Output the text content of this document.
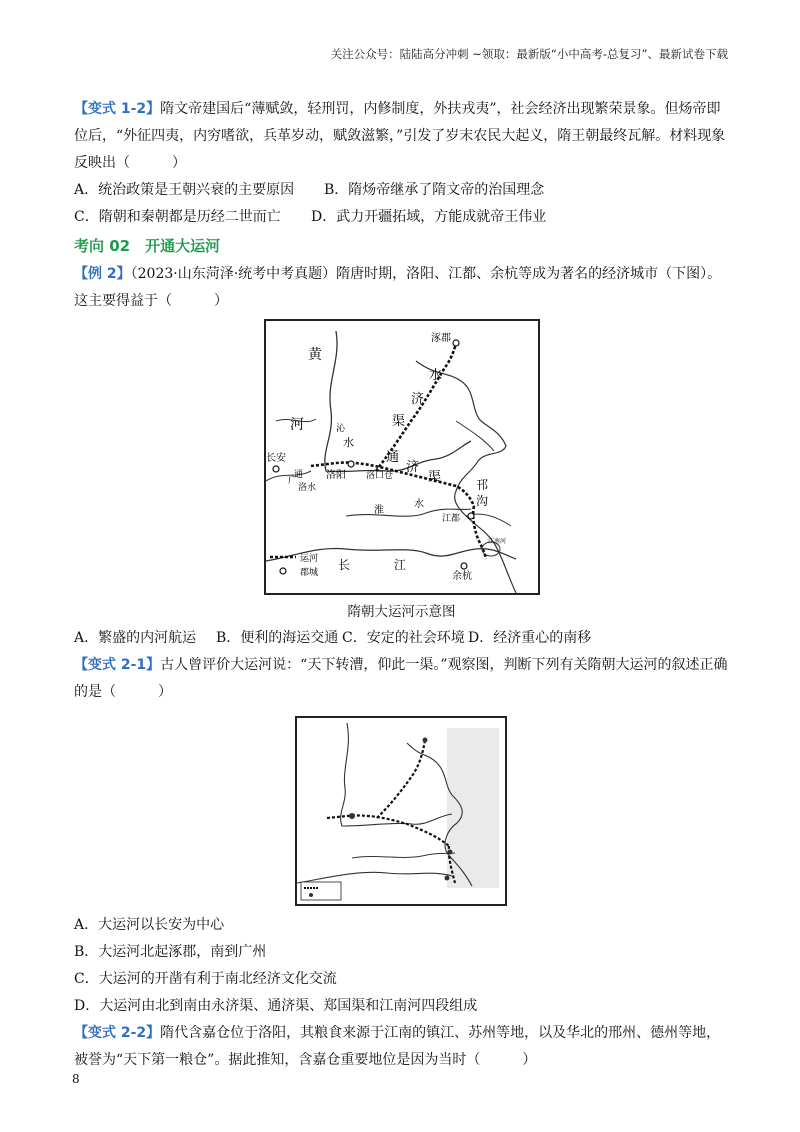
关注公众号：陆陆高分冲刺 ~领取：最新版“小中高考-总复习”、最新试卷下载

【变式 1-2】隋文帝建国后“薄赋敛，轻刑罚，内修制度，外扶戎夷”，社会经济出现繁荣景象。但炀帝即位后，“外征四夷，内穷嗜欲，兵革岁动，赋敛滋繁，”引发了岁末农民大起义，隋王朝最终瓦解。材料现象反映出（　　　）

A．统治政策是王朝兴衰的主要原因	B．隋炀帝继承了隋文帝的治国理念
C．隋朝和秦朝都是历经二世而亡	D．武力开疆拓域，方能成就帝王伟业

考向 02　开通大运河

【例 2】（2023·山东菏泽·统考中考真题）隋唐时期，洛阳、江都、余杭等成为著名的经济城市（下图）。这主要得益于（　　　）

涿郡
黄
河
水
济
渠
沁
水
长安
广
通 洛阳 洛口仓
洛水
通
济
渠
淮
水
邗
沟
江都
余杭
长	江
江南河
运河
郡城

隋朝大运河示意图

A．繁盛的内河航运	B．便利的海运交通 C．安定的社会环境 D．经济重心的南移

【变式 2-1】古人曾评价大运河说：“天下转漕，仰此一渠。”观察图，判断下列有关隋朝大运河的叙述正确的是（　　　）

A．大运河以长安为中心

B．大运河北起涿郡，南到广州

C．大运河的开凿有利于南北经济文化交流

D．大运河由北到南由永济渠、通济渠、郑国渠和江南河四段组成

【变式 2-2】隋代含嘉仓位于洛阳，其粮食来源于江南的镇江、苏州等地，以及华北的邢州、德州等地，被誉为“天下第一粮仓”。据此推知，含嘉仓重要地位是因为当时（　　　）

8
